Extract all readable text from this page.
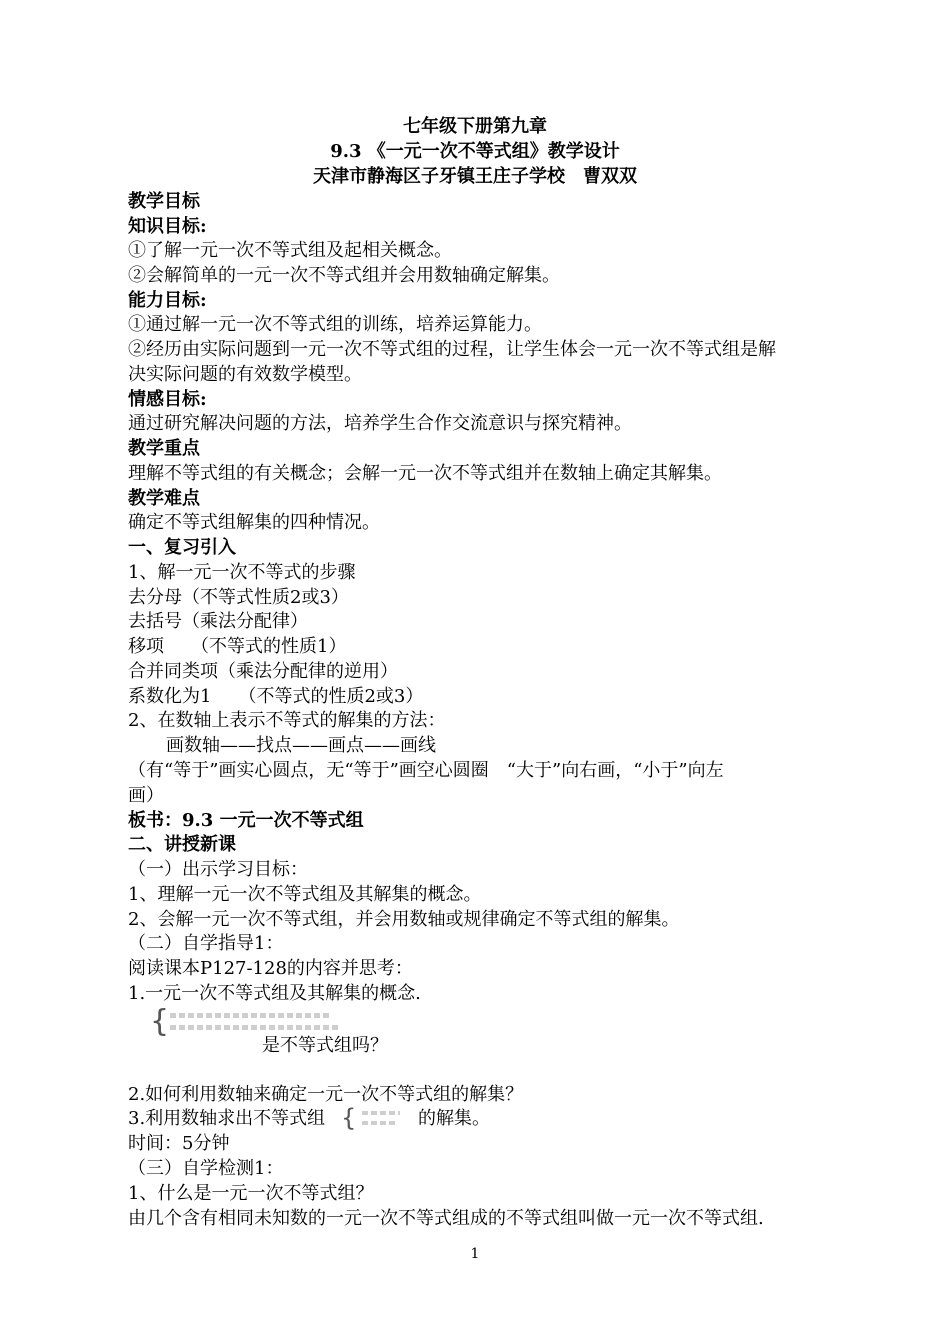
七年级下册第九章
9.3 《一元一次不等式组》教学设计
天津市静海区子牙镇王庄子学校　曹双双
教学目标
知识目标:
①了解一元一次不等式组及起相关概念。
②会解简单的一元一次不等式组并会用数轴确定解集。
能力目标:
①通过解一元一次不等式组的训练，培养运算能力。
②经历由实际问题到一元一次不等式组的过程，让学生体会一元一次不等式组是解
决实际问题的有效数学模型。
情感目标:
通过研究解决问题的方法，培养学生合作交流意识与探究精神。
教学重点
理解不等式组的有关概念；会解一元一次不等式组并在数轴上确定其解集。
教学难点
确定不等式组解集的四种情况。
一、复习引入
1、解一元一次不等式的步骤
去分母（不等式性质2或3）
去括号（乘法分配律）
移项　　（不等式的性质1）
合并同类项（乘法分配律的逆用）
系数化为1　　（不等式的性质2或3）
2、在数轴上表示不等式的解集的方法：
画数轴——找点——画点——画线
（有“等于”画实心圆点，无“等于”画空心圆圈　“大于”向右画，“小于”向左
画）
板书：9.3 一元一次不等式组
二、讲授新课
（一）出示学习目标：
1、理解一元一次不等式组及其解集的概念。
2、会解一元一次不等式组，并会用数轴或规律确定不等式组的解集。
（二）自学指导1：
阅读课本P127-128的内容并思考：
1.一元一次不等式组及其解集的概念.
{
是不等式组吗？
2.如何利用数轴来确定一元一次不等式组的解集？
3.利用数轴求出不等式组 {	的解集。
时间：5分钟
（三）自学检测1：
1、什么是一元一次不等式组？
由几个含有相同未知数的一元一次不等式组成的不等式组叫做一元一次不等式组.
1
